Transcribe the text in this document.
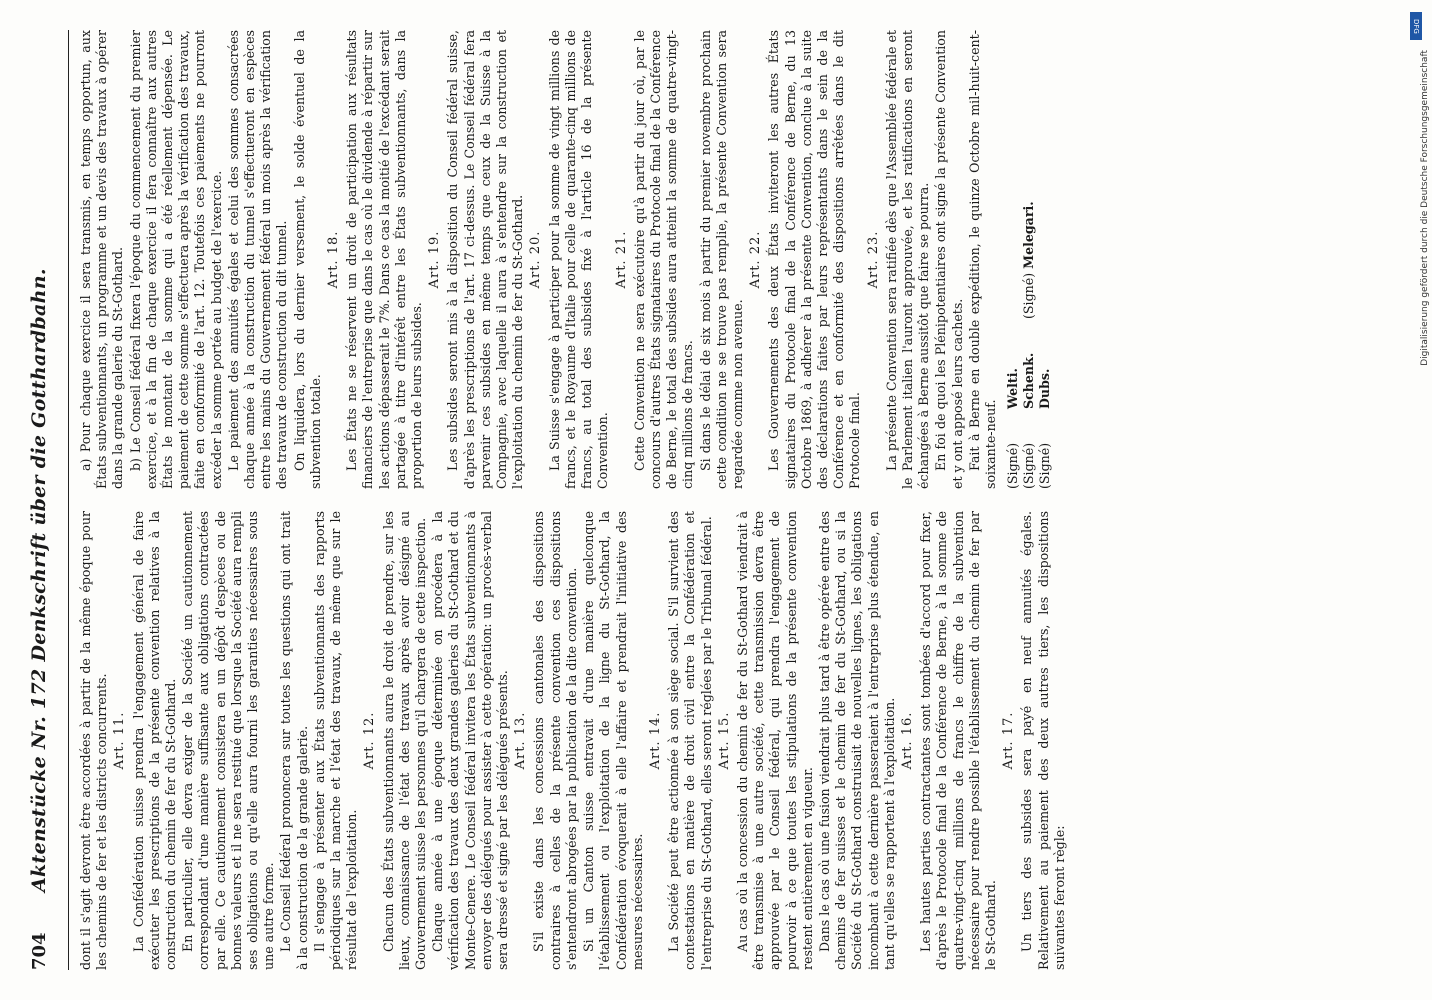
704
Aktenstücke Nr. 172 Denkschrift über die Gotthardbahn. dont il s'agit devront être accordées à partir de la même époque pour les chemins de fer et les districts concurrents. Art. 11. La Confédération suisse prendra l'engagement général de faire exécuter les prescriptions de la présente convention relatives à la construction du chemin de fer du St-Gothard. En particulier, elle devra exiger de la Société un cautionnement correspondant d'une manière suffisante aux obligations contractées par elle. Ce cautionnement consistera en un dépôt d'espèces ou de bonnes valeurs et il ne sera restitué que lorsque la Société aura rempli ses obligations ou qu'elle aura fourni les garanties nécessaires sous une autre forme. Le Conseil fédéral prononcera sur toutes les questions qui ont trait à la construction de la grande galerie. Il s'engage à présenter aux États subventionnants des rapports périodiques sur la marche et l'état des travaux, de même que sur le résultat de l'exploitation.

Art. 12. Chacun des États subventionnants aura le droit de prendre, sur les lieux, connaissance de l'état des travaux après avoir désigné au Gouvernement suisse les personnes qu'il chargera de cette inspection. Chaque année à une époque déterminée on procédera à la vérification des travaux des deux grandes galeries du St-Gothard et du Monte-Cenere. Le Conseil fédéral invitera les États subventionnants à envoyer des délégués pour assister à cette opération: un procès-verbal sera dressé et signé par les délégués présents. Art. 13. S'il existe dans les concessions cantonales des dispositions contraires à celles de la présente convention ces dispositions s'entendront abrogées par la publication de la dite convention. Si un Canton suisse entravait d'une manière quelconque l'établissement ou l'exploitation de la ligne du St-Gothard, la Confédération évoquerait à elle l'affaire et prendrait l'initiative des mesures nécessaires.

Art. 14. La Société peut être actionnée à son siège social. S'il survient des contestations en matière de droit civil entre la Confédération et l'entreprise du St-Gothard, elles seront réglées par le Tribunal fédéral. Art. 15. Au cas où la concession du chemin de fer du St-Gothard viendrait à être transmise à une autre société, cette transmission devra être approuvée par le Conseil fédéral, qui prendra l'engagement de pourvoir à ce que toutes les stipulations de la présente convention restent entièrement en vigueur. Dans le cas où une fusion viendrait plus tard à être opérée entre des chemins de fer suisses et le chemin de fer du St-Gothard, ou si la Société du St-Gothard construisait de nouvelles lignes, les obligations incombant à cette dernière passeraient à l'entreprise plus étendue, en tant qu'elles se rapportent à l'exploitation. Art. 16. Les hautes parties contractantes sont tombées d'accord pour fixer, d'après le Protocole final de la Conférence de Berne, à la somme de quatre-vingt-cinq millions de francs le chiffre de la subvention nécessaire pour rendre possible l'établissement du chemin de fer par le St-Gothard.

Art. 17. Un tiers des subsides sera payé en neuf annuités égales. Relativement au paiement des deux autres tiers, les dispositions suivantes feront règle:

a) Pour chaque exercice il sera transmis, en temps opportun, aux États subventionnants, un programme et un devis des travaux à opérer dans la grande galerie du St-Gothard. b) Le Conseil fédéral fixera l'époque du commencement du premier exercice, et à la fin de chaque exercice il fera connaître aux autres États le montant de la somme qui a été réellement dépensée. Le paiement de cette somme s'effectuera après la vérification des travaux, faite en conformité de l'art. 12. Toutefois ces paiements ne pourront excéder la somme portée au budget de l'exercice. Le paiement des annuités égales et celui des sommes consacrées chaque année à la construction du tunnel s'effectueront en espèces entre les mains du Gouvernement fédéral un mois après la vérification des travaux de construction du dit tunnel. On liquidera, lors du dernier versement, le solde éventuel de la subvention totale.

Art. 18. Les États ne se réservent un droit de participation aux résultats financiers de l'entreprise que dans le cas où le dividende à répartir sur les actions dépasserait le 7%. Dans ce cas la moitié de l'excédant serait partagée à titre d'intérêt entre les États subventionnants, dans la proportion de leurs subsides.

Art. 19. Les subsides seront mis à la disposition du Conseil fédéral suisse, d'après les prescriptions de l'art. 17 ci-dessus. Le Conseil fédéral fera parvenir ces subsides en même temps que ceux de la Suisse à la Compagnie, avec laquelle il aura à s'entendre sur la construction et l'exploitation du chemin de fer du St-Gothard. Art. 20. La Suisse s'engage à participer pour la somme de vingt millions de francs, et le Royaume d'Italie pour celle de quarante-cinq millions de francs, au total des subsides fixé à l'article 16 de la présente Convention.

Art. 21. Cette Convention ne sera exécutoire qu'à partir du jour où, par le concours d'autres États signataires du Protocole final de la Conférence de Berne, le total des subsides aura atteint la somme de quatre-vingt-cinq millions de francs. Si dans le délai de six mois à partir du premier novembre prochain cette condition ne se trouve pas remplie, la présente Convention sera regardée comme non avenue.

Art. 22. Les Gouvernements des deux États inviteront les autres États signataires du Protocole final de la Conférence de Berne, du 13 Octobre 1869, à adhérer à la présente Convention, conclue à la suite des déclarations faites par leurs représentants dans le sein de la Conférence et en conformité des dispositions arrêtées dans le dit Protocole final.

Art. 23. La présente Convention sera ratifiée dès que l'Assemblée fédérale et le Parlement italien l'auront approuvée, et les ratifications en seront échangées à Berne aussitôt que faire se pourra. En foi de quoi les Plénipotentiaires ont signé la présente Convention et y ont apposé leurs cachets. Fait à Berne en double expédition, le quinze Octobre mil-huit-cent-soixante-neuf. (Signé)
Welti.
(Signé)
Schenk.
(Signé) Melegari.
(Signé)
Dubs.
DFG
Digitalisierung gefördert durch die Deutsche Forschungsgemeinschaft
